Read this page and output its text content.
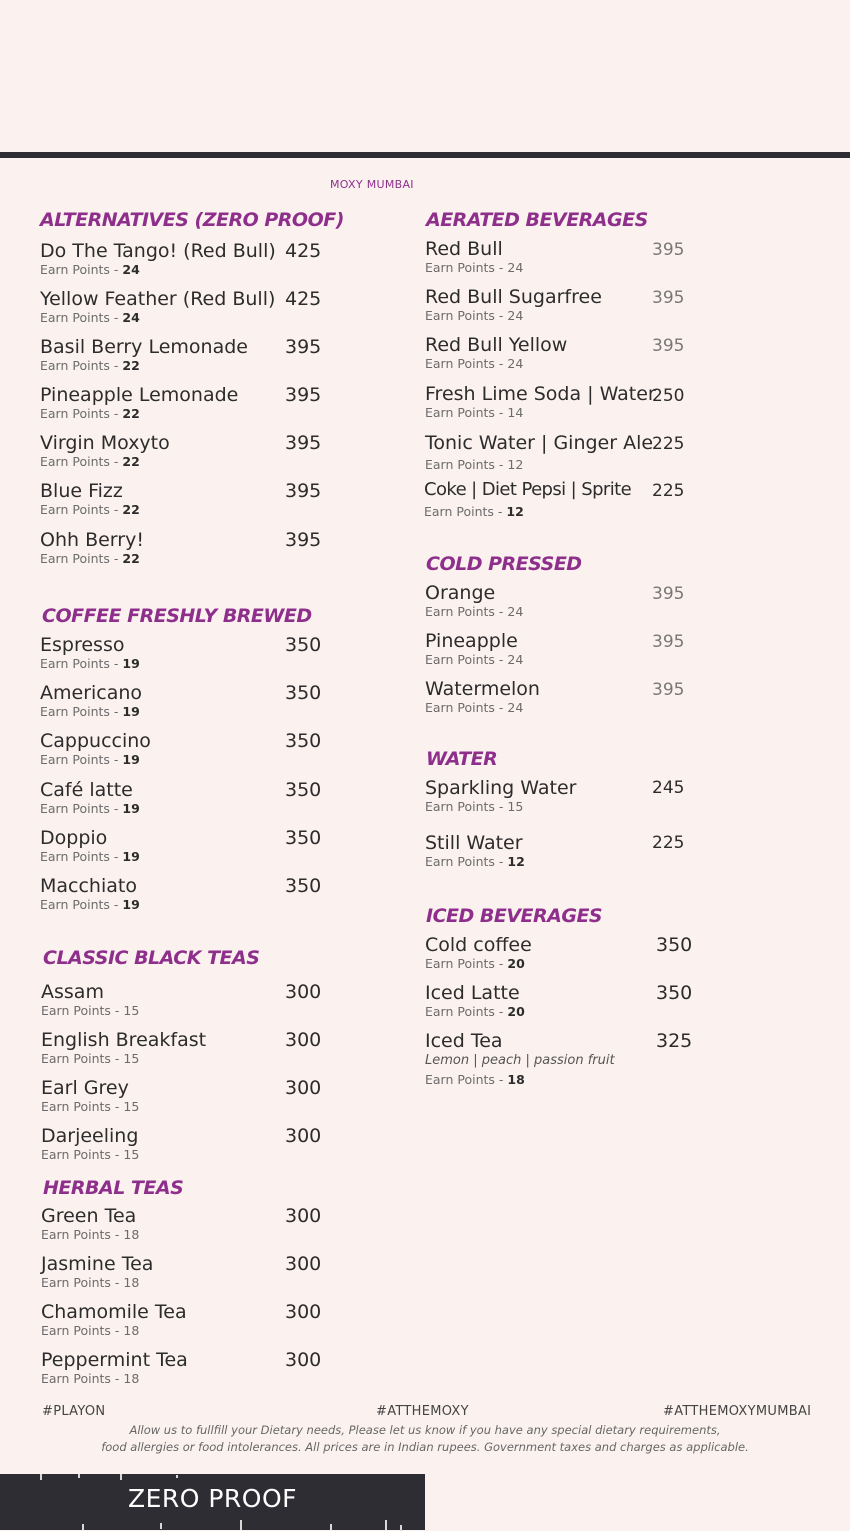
MOXY MUMBAI
ALTERNATIVES (ZERO PROOF)
Do The Tango! (Red Bull)
Earn Points - 24
425
Yellow Feather (Red Bull)
Earn Points - 24
425
Basil Berry Lemonade
Earn Points - 22
395
Pineapple Lemonade
Earn Points - 22
395
Virgin Moxyto
Earn Points - 22
395
Blue Fizz
Earn Points - 22
395
Ohh Berry!
Earn Points - 22
395
COFFEE FRESHLY BREWED
Espresso
Earn Points - 19
350
Americano
Earn Points - 19
350
Cappuccino
Earn Points - 19
350
Café latte
Earn Points - 19
350
Doppio
Earn Points - 19
350
Macchiato
Earn Points - 19
350
CLASSIC BLACK TEAS
Assam
Earn Points - 15
300
English Breakfast
Earn Points - 15
300
Earl Grey
Earn Points - 15
300
Darjeeling
Earn Points - 15
300
HERBAL TEAS
Green Tea
Earn Points - 18
300
Jasmine Tea
Earn Points - 18
300
Chamomile Tea
Earn Points - 18
300
Peppermint Tea
Earn Points - 18
300
AERATED BEVERAGES
Red Bull
Earn Points - 24
395
Red Bull Sugarfree
Earn Points - 24
395
Red Bull Yellow
Earn Points - 24
395
Fresh Lime Soda | Water
Earn Points - 14
250
Tonic Water | Ginger Ale
Earn Points - 12
225
Coke | Diet Pepsi | Sprite
Earn Points - 12
225
COLD PRESSED
Orange
Earn Points - 24
395
Pineapple
Earn Points - 24
395
Watermelon
Earn Points - 24
395
WATER
Sparkling Water
Earn Points - 15
245
Still Water
Earn Points - 12
225
ICED BEVERAGES
Cold coffee
Earn Points - 20
350
Iced Latte
Earn Points - 20
350
Iced Tea
Lemon | peach | passion fruit
Earn Points - 18
325
#PLAYON	#ATTHEMOXY	#ATTHEMOXYMUMBAI
Allow us to fullfill your Dietary needs, Please let us know if you have any special dietary requirements,
food allergies or food intolerances. All prices are in Indian rupees. Government taxes and charges as applicable.
ZERO PROOF
